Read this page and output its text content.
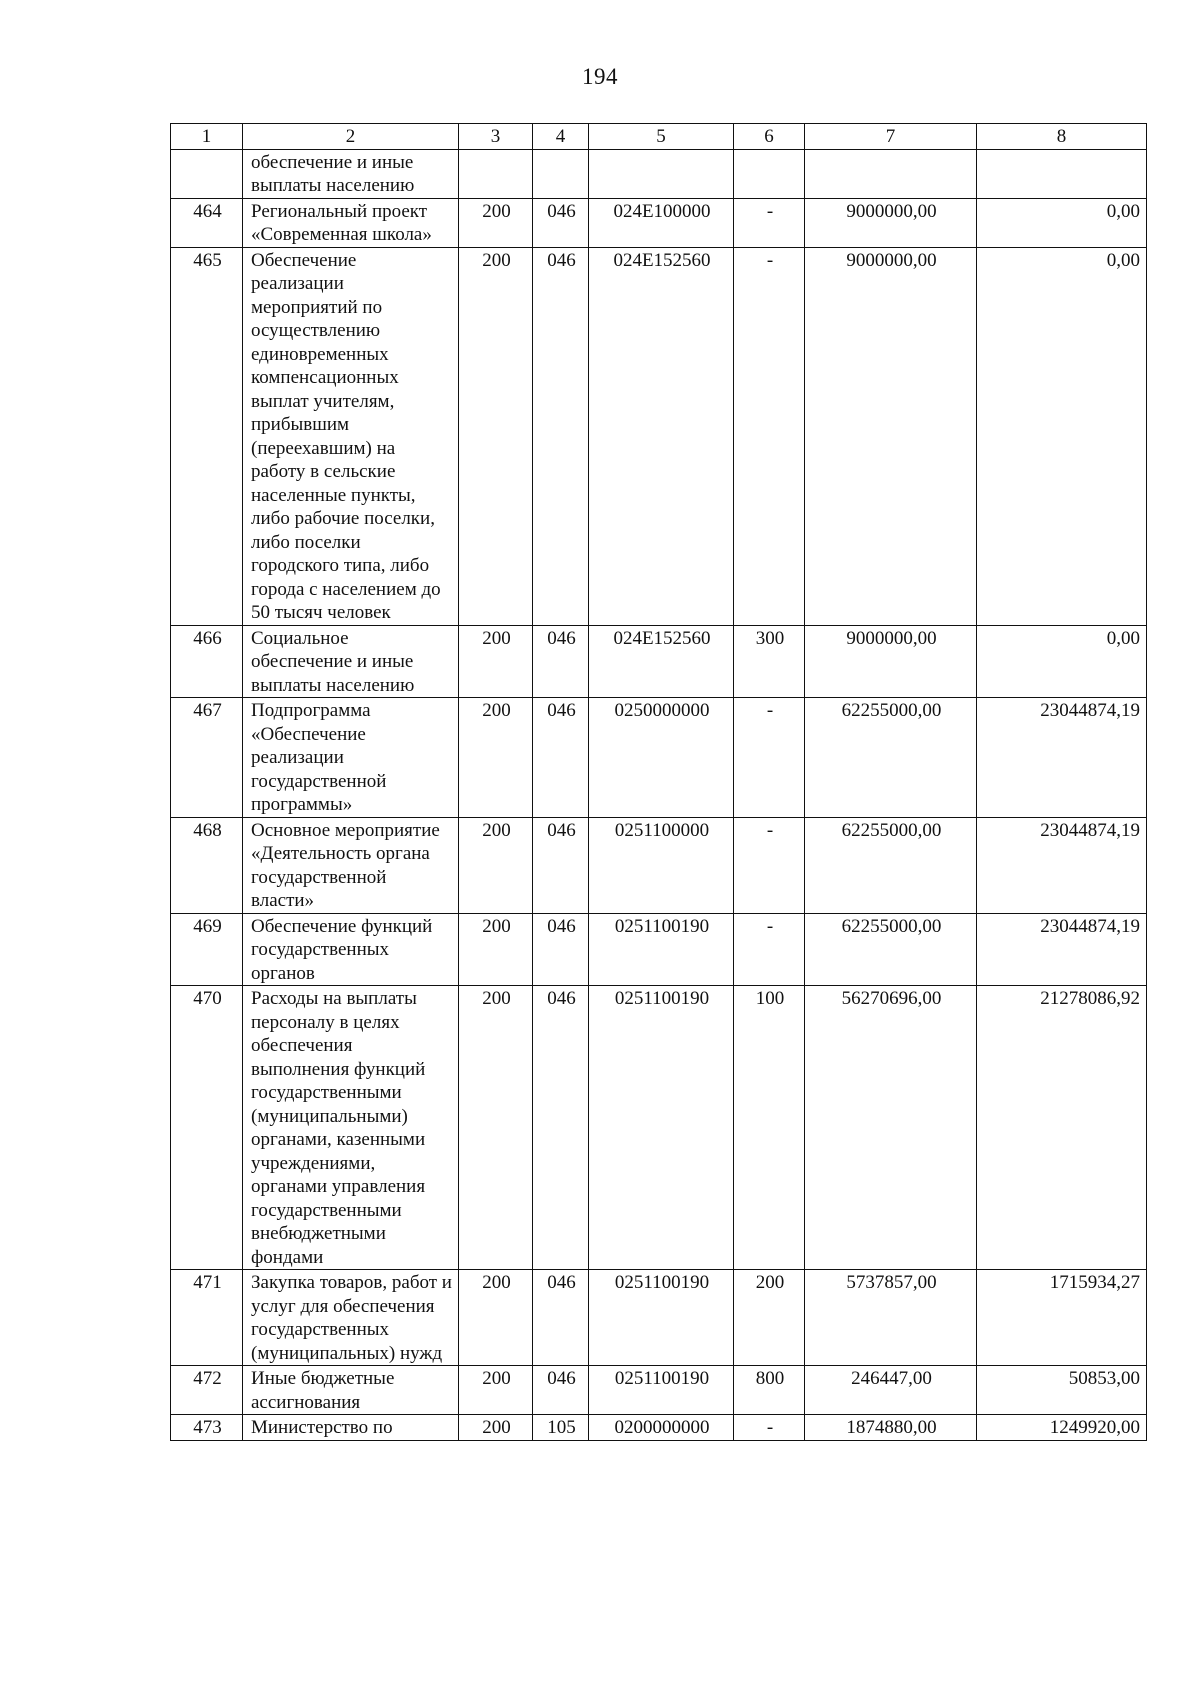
194
1	2	3	4	5	6	7	8
	обеспечение и иные выплаты населению						
464	Региональный проект «Современная школа»	200	046	024E100000	-	9000000,00	0,00
465	Обеспечение реализации мероприятий по осуществлению единовременных компенсационных выплат учителям, прибывшим (переехавшим) на работу в сельские населенные пункты, либо рабочие поселки, либо поселки городского типа, либо города с населением до 50 тысяч человек	200	046	024E152560	-	9000000,00	0,00
466	Социальное обеспечение и иные выплаты населению	200	046	024E152560	300	9000000,00	0,00
467	Подпрограмма «Обеспечение реализации государственной программы»	200	046	0250000000	-	62255000,00	23044874,19
468	Основное мероприятие «Деятельность органа государственной власти»	200	046	0251100000	-	62255000,00	23044874,19
469	Обеспечение функций государственных органов	200	046	0251100190	-	62255000,00	23044874,19
470	Расходы на выплаты персоналу в целях обеспечения выполнения функций государственными (муниципальными) органами, казенными учреждениями, органами управления государственными внебюджетными фондами	200	046	0251100190	100	56270696,00	21278086,92
471	Закупка товаров, работ и услуг для обеспечения государственных (муниципальных) нужд	200	046	0251100190	200	5737857,00	1715934,27
472	Иные бюджетные ассигнования	200	046	0251100190	800	246447,00	50853,00
473	Министерство по	200	105	0200000000	-	1874880,00	1249920,00
